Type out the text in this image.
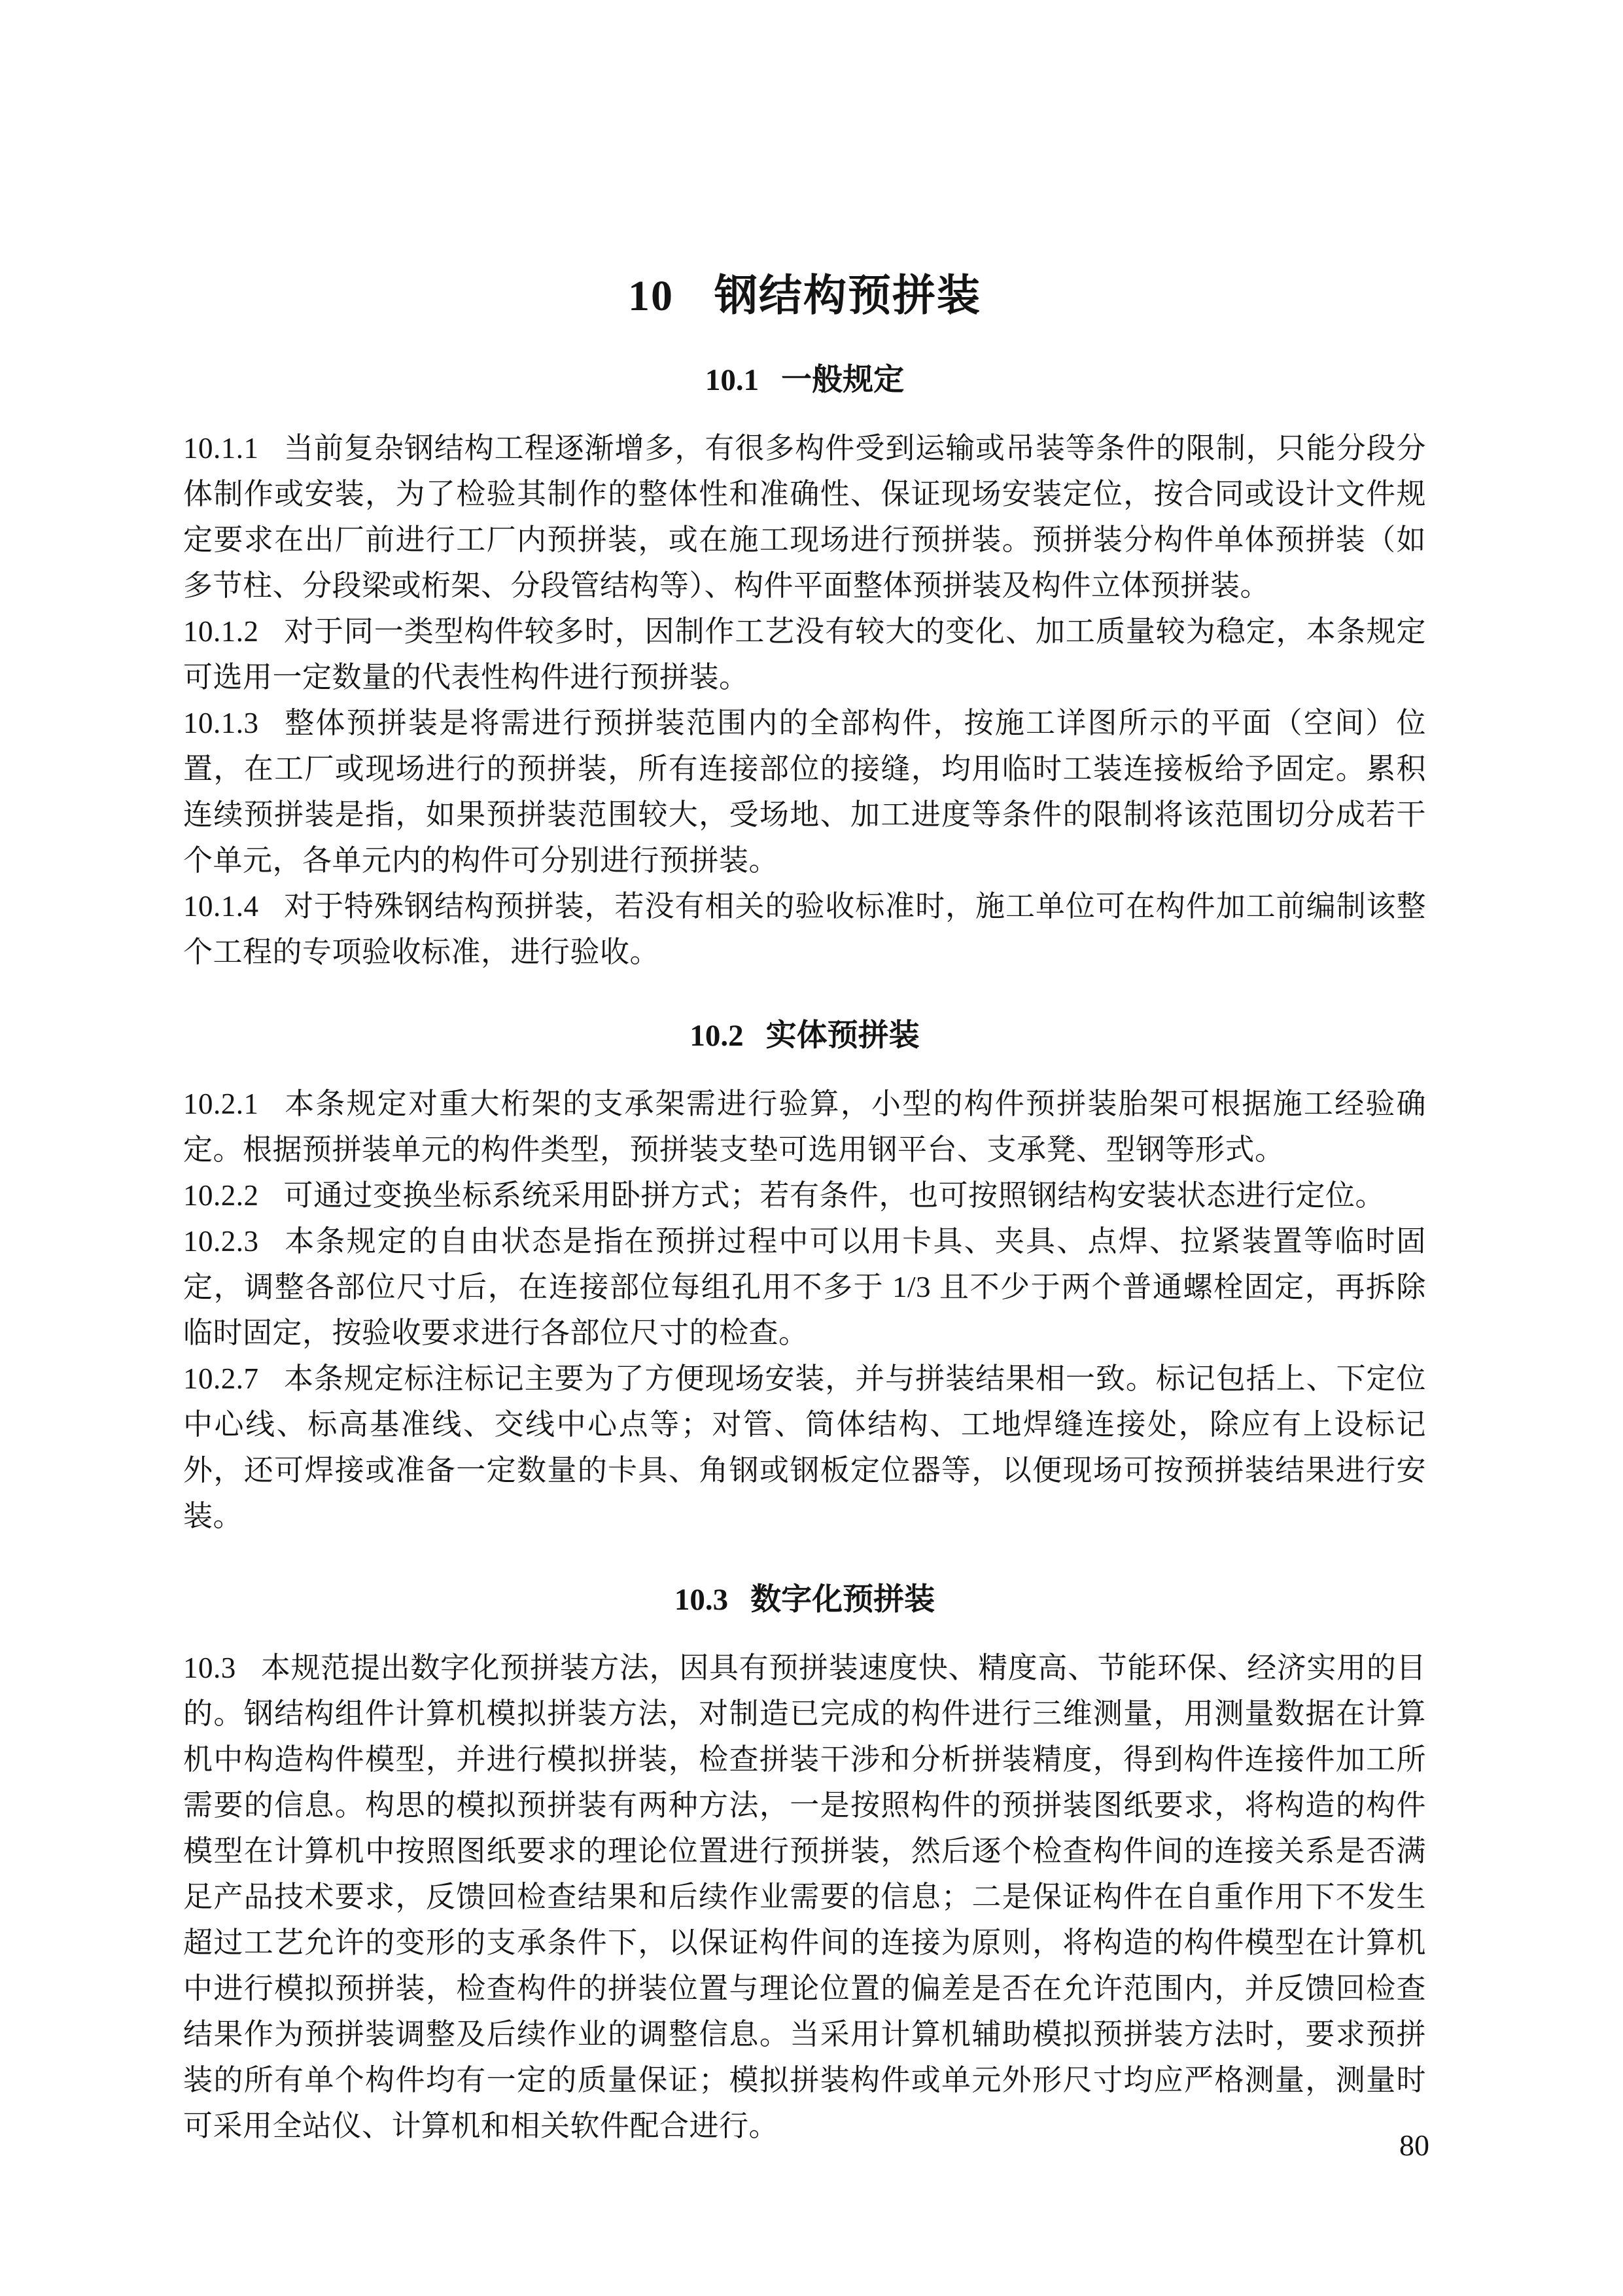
10 钢结构预拼装
10.1 一般规定

10.1.1 当前复杂钢结构工程逐渐增多，有很多构件受到运输或吊装等条件的限制，只能分段分体制作或安装，为了检验其制作的整体性和准确性、保证现场安装定位，按合同或设计文件规定要求在出厂前进行工厂内预拼装，或在施工现场进行预拼装。预拼装分构件单体预拼装（如多节柱、分段梁或桁架、分段管结构等）、构件平面整体预拼装及构件立体预拼装。

10.1.2 对于同一类型构件较多时，因制作工艺没有较大的变化、加工质量较为稳定，本条规定可选用一定数量的代表性构件进行预拼装。

10.1.3 整体预拼装是将需进行预拼装范围内的全部构件，按施工详图所示的平面（空间）位置，在工厂或现场进行的预拼装，所有连接部位的接缝，均用临时工装连接板给予固定。累积连续预拼装是指，如果预拼装范围较大，受场地、加工进度等条件的限制将该范围切分成若干个单元，各单元内的构件可分别进行预拼装。

10.1.4 对于特殊钢结构预拼装，若没有相关的验收标准时，施工单位可在构件加工前编制该整个工程的专项验收标准，进行验收。

10.2 实体预拼装

10.2.1 本条规定对重大桁架的支承架需进行验算，小型的构件预拼装胎架可根据施工经验确定。根据预拼装单元的构件类型，预拼装支垫可选用钢平台、支承凳、型钢等形式。

10.2.2 可通过变换坐标系统采用卧拼方式；若有条件，也可按照钢结构安装状态进行定位。

10.2.3 本条规定的自由状态是指在预拼过程中可以用卡具、夹具、点焊、拉紧装置等临时固定，调整各部位尺寸后，在连接部位每组孔用不多于 1/3 且不少于两个普通螺栓固定，再拆除临时固定，按验收要求进行各部位尺寸的检查。

10.2.7 本条规定标注标记主要为了方便现场安装，并与拼装结果相一致。标记包括上、下定位中心线、标高基准线、交线中心点等；对管、筒体结构、工地焊缝连接处，除应有上设标记外，还可焊接或准备一定数量的卡具、角钢或钢板定位器等，以便现场可按预拼装结果进行安装。

10.3 数字化预拼装

10.3 本规范提出数字化预拼装方法，因具有预拼装速度快、精度高、节能环保、经济实用的目的。钢结构组件计算机模拟拼装方法，对制造已完成的构件进行三维测量，用测量数据在计算机中构造构件模型，并进行模拟拼装，检查拼装干涉和分析拼装精度，得到构件连接件加工所需要的信息。构思的模拟预拼装有两种方法，一是按照构件的预拼装图纸要求，将构造的构件模型在计算机中按照图纸要求的理论位置进行预拼装，然后逐个检查构件间的连接关系是否满足产品技术要求，反馈回检查结果和后续作业需要的信息；二是保证构件在自重作用下不发生超过工艺允许的变形的支承条件下，以保证构件间的连接为原则，将构造的构件模型在计算机中进行模拟预拼装，检查构件的拼装位置与理论位置的偏差是否在允许范围内，并反馈回检查结果作为预拼装调整及后续作业的调整信息。当采用计算机辅助模拟预拼装方法时，要求预拼装的所有单个构件均有一定的质量保证；模拟拼装构件或单元外形尺寸均应严格测量，测量时可采用全站仪、计算机和相关软件配合进行。

80
